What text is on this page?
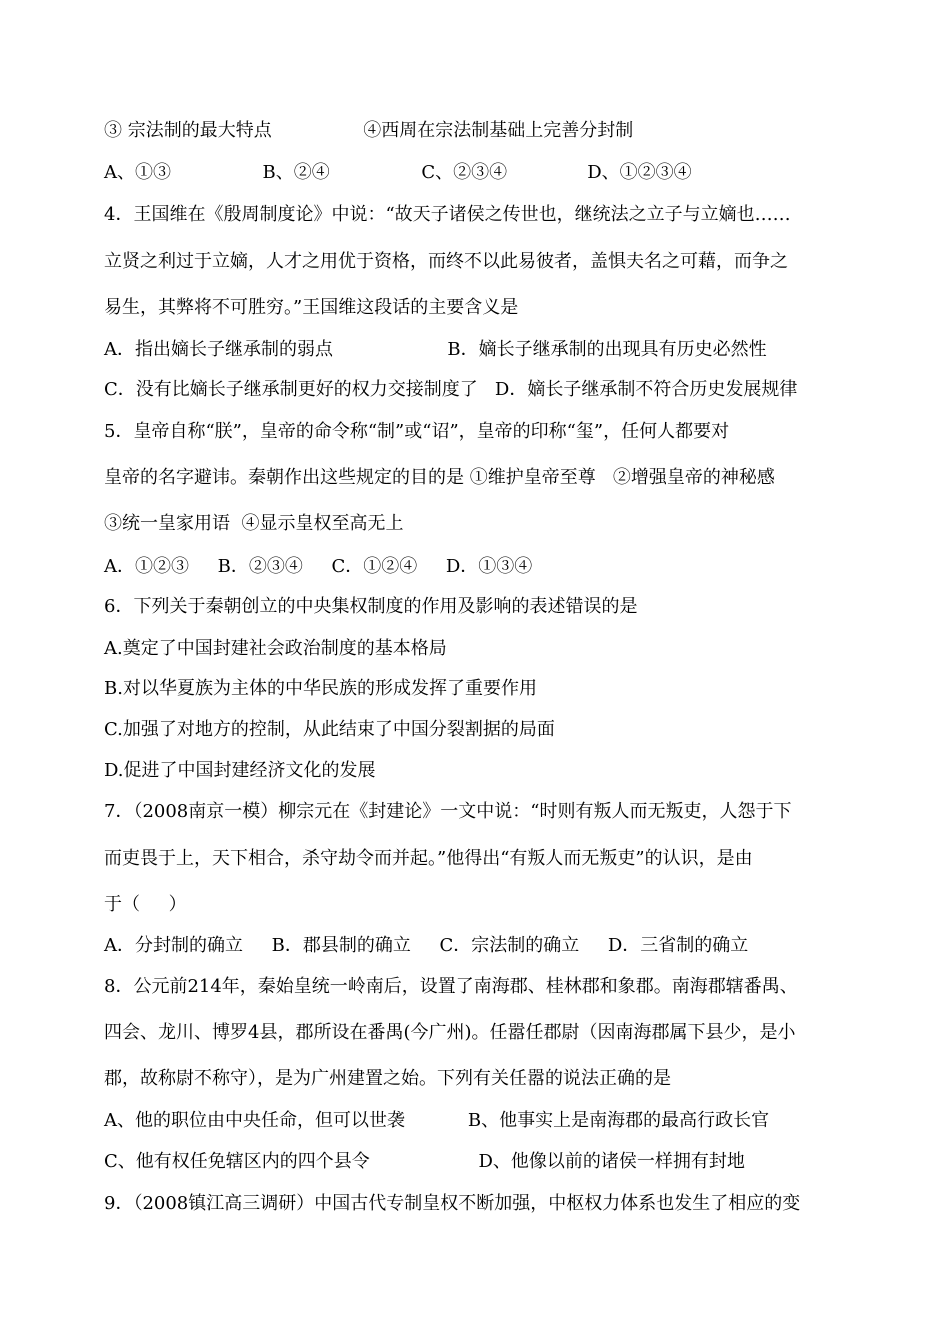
③ 宗法制的最大特点                ④西周在宗法制基础上完善分封制

A、①③                B、②④                C、②③④              D、①②③④

4．王国维在《殷周制度论》中说：“故天子诸侯之传世也，继统法之立子与立嫡也……

立贤之利过于立嫡，人才之用优于资格，而终不以此易彼者，盖惧夫名之可藉，而争之

易生，其弊将不可胜穷。”王国维这段话的主要含义是

A．指出嫡长子继承制的弱点                    B．嫡长子继承制的出现具有历史必然性

C．没有比嫡长子继承制更好的权力交接制度了   D．嫡长子继承制不符合历史发展规律

5．皇帝自称“朕”，皇帝的命令称“制”或“诏”，皇帝的印称“玺”，任何人都要对

皇帝的名字避讳。秦朝作出这些规定的目的是 ①维护皇帝至尊   ②增强皇帝的神秘感

③统一皇家用语  ④显示皇权至高无上

A．①②③     B．②③④     C．①②④     D．①③④

6．下列关于秦朝创立的中央集权制度的作用及影响的表述错误的是

A.奠定了中国封建社会政治制度的基本格局

B.对以华夏族为主体的中华民族的形成发挥了重要作用

C.加强了对地方的控制，从此结束了中国分裂割据的局面

D.促进了中国封建经济文化的发展

7．（2008南京一模）柳宗元在《封建论》一文中说：“时则有叛人而无叛吏，人怨于下

而吏畏于上，天下相合，杀守劫令而并起。”他得出“有叛人而无叛吏”的认识，是由

于（     ）

A．分封制的确立     B．郡县制的确立     C．宗法制的确立     D．三省制的确立

8．公元前214年，秦始皇统一岭南后，设置了南海郡、桂林郡和象郡。南海郡辖番禺、

四会、龙川、博罗4县，郡所设在番禺(今广州)。任嚣任郡尉（因南海郡属下县少，是小

郡，故称尉不称守），是为广州建置之始。下列有关任嚣的说法正确的是

A、他的职位由中央任命，但可以世袭           B、他事实上是南海郡的最高行政长官

C、他有权任免辖区内的四个县令                   D、他像以前的诸侯一样拥有封地

9．（2008镇江高三调研）中国古代专制皇权不断加强，中枢权力体系也发生了相应的变
